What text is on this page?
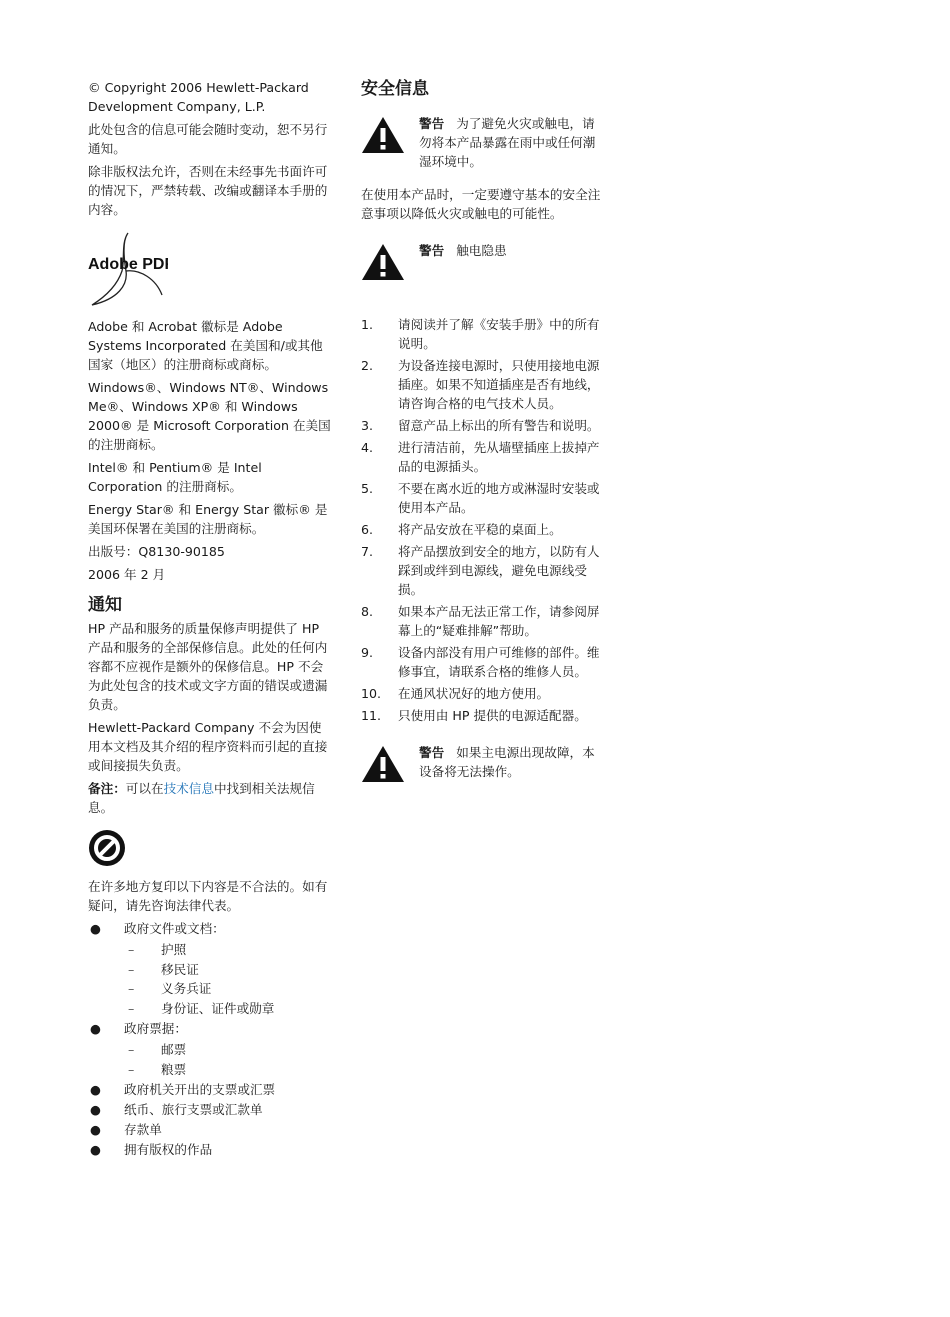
© Copyright 2006 Hewlett-Packard Development Company, L.P.

此处包含的信息可能会随时变动，恕不另行通知。

除非版权法允许，否则在未经事先书面许可的情况下，严禁转载、改编或翻译本手册的内容。

Adobe PDF

Adobe 和 Acrobat 徽标是 Adobe Systems Incorporated 在美国和/或其他国家（地区）的注册商标或商标。

Windows®、Windows NT®、Windows Me®、Windows XP® 和 Windows 2000® 是 Microsoft Corporation 在美国的注册商标。

Intel® 和 Pentium® 是 Intel Corporation 的注册商标。

Energy Star® 和 Energy Star 徽标® 是美国环保署在美国的注册商标。

出版号：Q8130-90185

2006 年 2 月

通知

HP 产品和服务的质量保修声明提供了 HP 产品和服务的全部保修信息。此处的任何内容都不应视作是额外的保修信息。HP 不会为此处包含的技术或文字方面的错误或遗漏负责。

Hewlett-Packard Company 不会为因使用本文档及其介绍的程序资料而引起的直接或间接损失负责。

备注：可以在技术信息中找到相关法规信息。

在许多地方复印以下内容是不合法的。如有疑问，请先咨询法律代表。

● 政府文件或文档：
– 护照
– 移民证
– 义务兵证
– 身份证、证件或勋章
● 政府票据：
– 邮票
– 粮票
● 政府机关开出的支票或汇票
● 纸币、旅行支票或汇款单
● 存款单
● 拥有版权的作品
安全信息

警告 为了避免火灾或触电，请勿将本产品暴露在雨中或任何潮湿环境中。

在使用本产品时，一定要遵守基本的安全注意事项以降低火灾或触电的可能性。

警告 触电隐患

1. 请阅读并了解《安装手册》中的所有说明。
2. 为设备连接电源时，只使用接地电源插座。如果不知道插座是否有地线，请咨询合格的电气技术人员。
3. 留意产品上标出的所有警告和说明。
4. 进行清洁前，先从墙壁插座上拔掉产品的电源插头。
5. 不要在离水近的地方或淋湿时安装或使用本产品。
6. 将产品安放在平稳的桌面上。
7. 将产品摆放到安全的地方，以防有人踩到或绊到电源线，避免电源线受损。
8. 如果本产品无法正常工作，请参阅屏幕上的“疑难排解”帮助。
9. 设备内部没有用户可维修的部件。维修事宜，请联系合格的维修人员。
10. 在通风状况好的地方使用。
11. 只使用由 HP 提供的电源适配器。

警告 如果主电源出现故障，本设备将无法操作。
